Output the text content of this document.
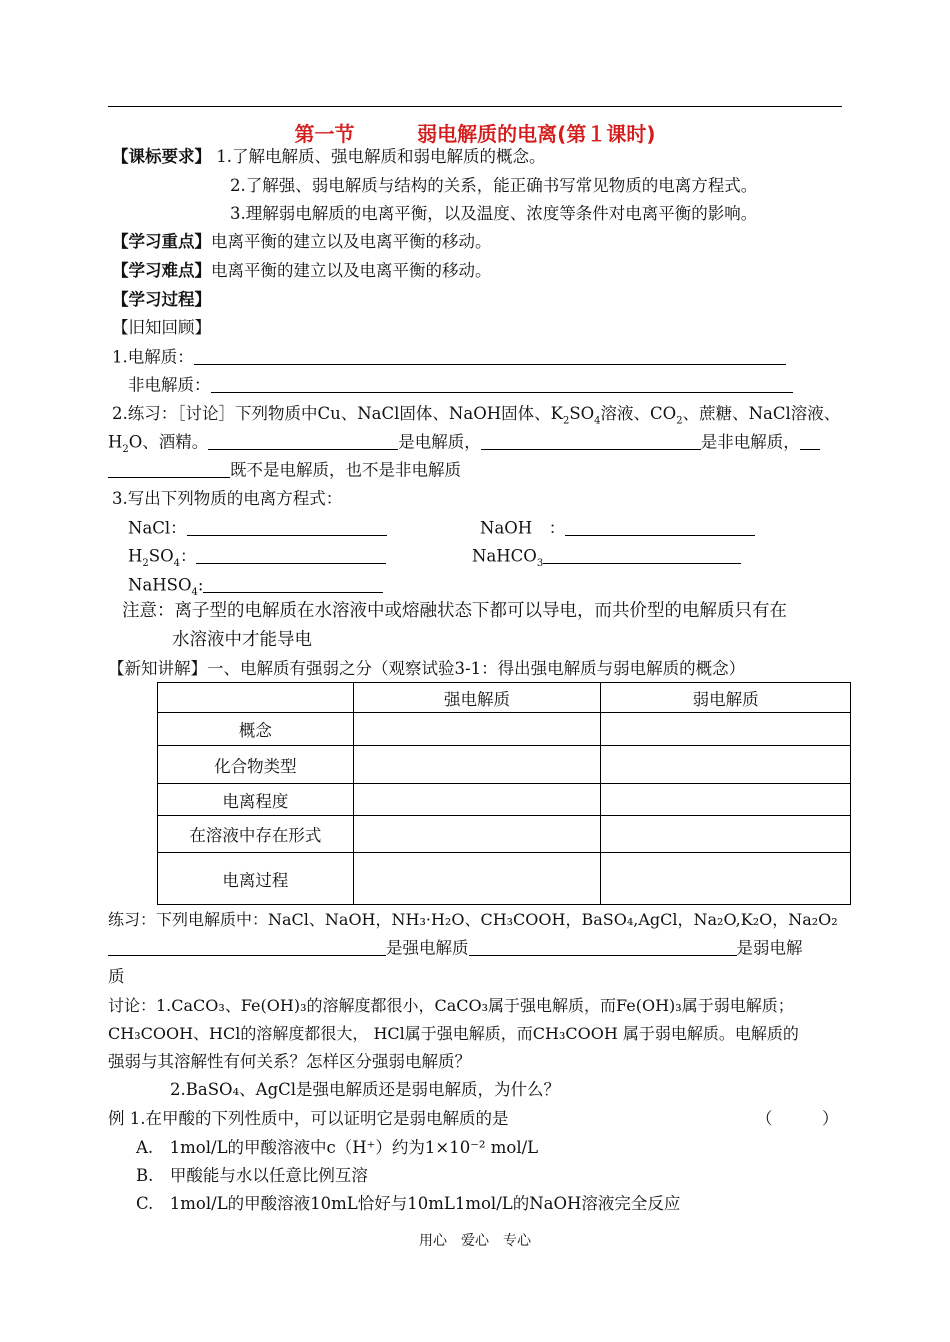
第一节         弱电解质的电离(第１课时)
【课标要求】 1.了解电解质、强电解质和弱电解质的概念。
2.了解强、弱电解质与结构的关系，能正确书写常见物质的电离方程式。
3.理解弱电解质的电离平衡，以及温度、浓度等条件对电离平衡的影响。
【学习重点】电离平衡的建立以及电离平衡的移动。
【学习难点】电离平衡的建立以及电离平衡的移动。
【学习过程】
【旧知回顾】
1.电解质：
非电解质：
2.练习：［讨论］下列物质中Cu、NaCl固体、NaOH固体、$K_2SO_4$溶液、$CO_2$、蔗糖、NaCl溶液、
$H_2O$、酒精。	是电解质，	是非电解质，
既不是电解质，也不是非电解质
3.写出下列物质的电离方程式：
NaCl：	NaOH　：
$H_2SO_4$：	NaHCO$_3$
NaHSO$_4$:
注意：离子型的电解质在水溶液中或熔融状态下都可以导电，而共价型的电解质只有在
水溶液中才能导电
【新知讲解】一、电解质有强弱之分（观察试验3-1：得出强电解质与弱电解质的概念）
	强电解质	弱电解质
概念		
化合物类型		
电离程度		
在溶液中存在形式		
电离过程		
练习：下列电解质中：NaCl、NaOH，NH₃·H₂O、CH₃COOH，BaSO₄,AgCl，Na₂O,K₂O，Na₂O₂
是强电解质	是弱电解
质
讨论：1.CaCO₃、Fe(OH)₃的溶解度都很小，CaCO₃属于强电解质，而Fe(OH)₃属于弱电解质；
CH₃COOH、HCl的溶解度都很大， HCl属于强电解质，而CH₃COOH 属于弱电解质。电解质的
强弱与其溶解性有何关系？怎样区分强弱电解质？
2.BaSO₄、AgCl是强电解质还是弱电解质，为什么？
例 1.在甲酸的下列性质中，可以证明它是弱电解质的是	（　　　）
A.　1mol/L的甲酸溶液中c（H⁺）约为1×10⁻² mol/L
B.　甲酸能与水以任意比例互溶
C.　1mol/L的甲酸溶液10mL恰好与10mL1mol/L的NaOH溶液完全反应
用心　爱心　专心
